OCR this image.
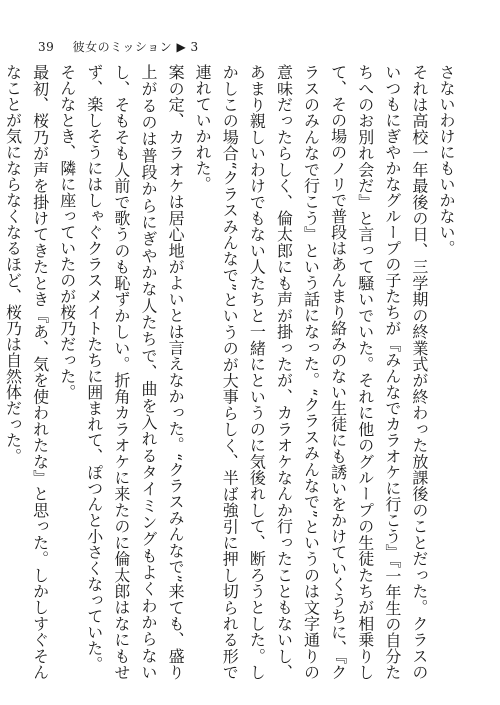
39 彼女のミッション ▶ 3

さないわけにもいかない。

それは高校一年最後の日、三学期の終業式が終わった放課後のことだった。クラスのいつもにぎやかなグループの子たちが『みんなでカラオケに行こう』『一年生の自分たちへのお別れ会だ』と言って騒いでいた。それに他のグループの生徒たちが相乗りして、その場のノリで普段はあんまり絡みのない生徒にも誘いをかけていくうちに、『クラスのみんなで行こう』という話になった。“クラスみんなで”というのは文字通りの意味だったらしく、倫太郎にも声が掛ったが、カラオケなんか行ったこともないし、あまり親しいわけでもない人たちと一緒にというのに気後れして、断ろうとした。しかしこの場合“クラスみんなで”というのが大事らしく、半ば強引に押し切られる形で連れていかれた。

案の定、カラオケは居心地がよいとは言えなかった。“クラスみんなで”来ても、盛り上がるのは普段からにぎやかな人たちで、曲を入れるタイミングもよくわからないし、そもそも人前で歌うのも恥ずかしい。折角カラオケに来たのに倫太郎はなにもせず、楽しそうにはしゃぐクラスメイトたちに囲まれて、ぽつんと小さくなっていた。

そんなとき、隣に座っていたのが桜乃だった。

最初、桜乃が声を掛けてきたとき『あ、気を使われたな』と思った。しかしすぐそんなことが気にならなくなるほど、桜乃は自然体だった。
